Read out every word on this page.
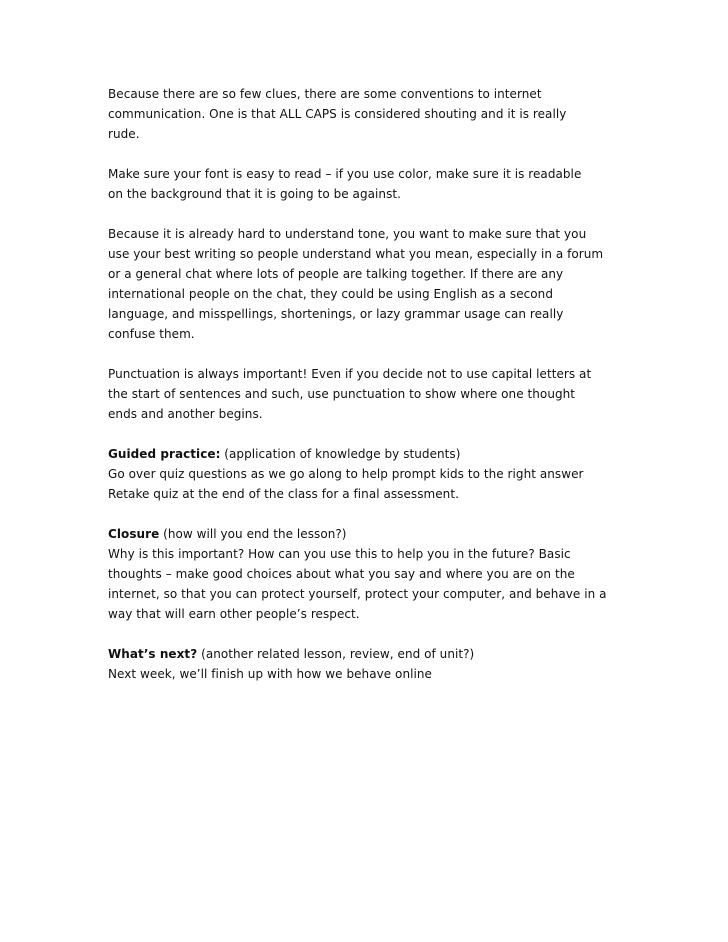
Because there are so few clues, there are some conventions to internet
communication. One is that ALL CAPS is considered shouting and it is really
rude.
Make sure your font is easy to read – if you use color, make sure it is readable
on the background that it is going to be against.
Because it is already hard to understand tone, you want to make sure that you
use your best writing so people understand what you mean, especially in a forum
or a general chat where lots of people are talking together. If there are any
international people on the chat, they could be using English as a second
language, and misspellings, shortenings, or lazy grammar usage can really
confuse them.
Punctuation is always important! Even if you decide not to use capital letters at
the start of sentences and such, use punctuation to show where one thought
ends and another begins.
Guided practice: (application of knowledge by students)
Go over quiz questions as we go along to help prompt kids to the right answer
Retake quiz at the end of the class for a final assessment.
Closure (how will you end the lesson?)
Why is this important? How can you use this to help you in the future? Basic
thoughts – make good choices about what you say and where you are on the
internet, so that you can protect yourself, protect your computer, and behave in a
way that will earn other people’s respect.
What’s next? (another related lesson, review, end of unit?)
Next week, we’ll finish up with how we behave online
